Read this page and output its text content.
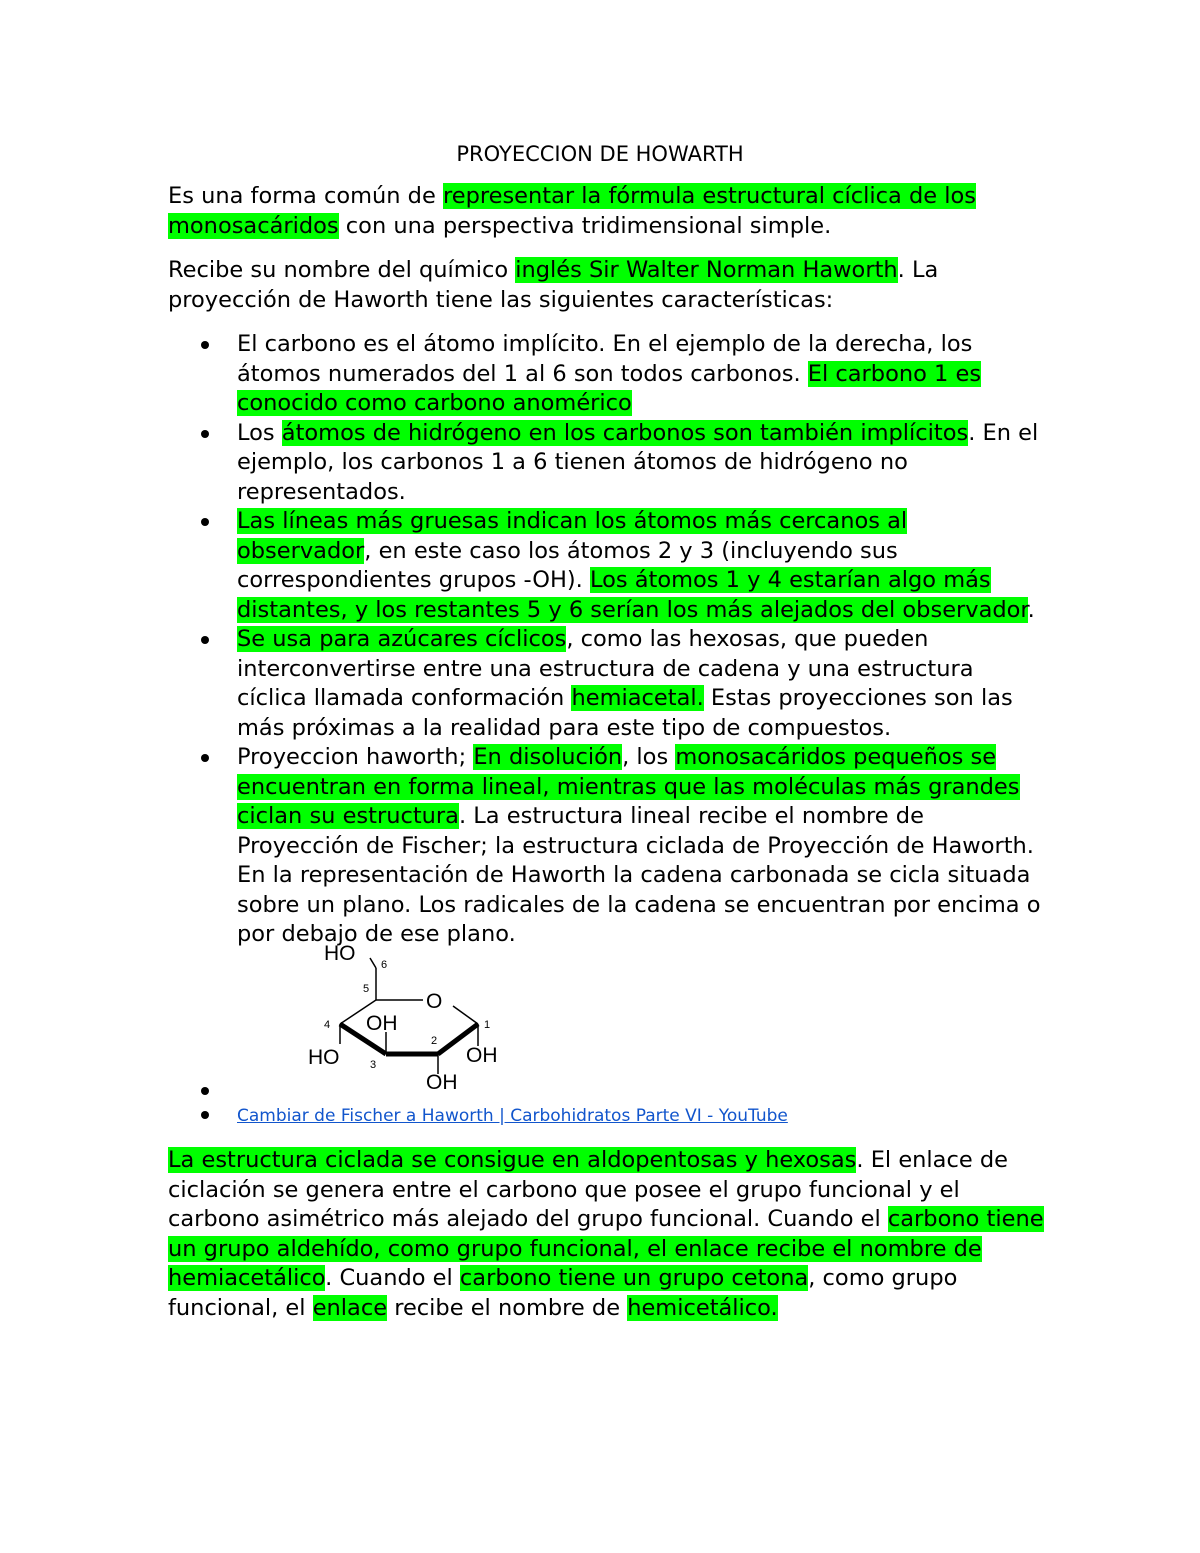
PROYECCION DE HOWARTH

Es una forma común de representar la fórmula estructural cíclica de los monosacáridos con una perspectiva tridimensional simple.

Recibe su nombre del químico inglés Sir Walter Norman Haworth. La proyección de Haworth tiene las siguientes características:

El carbono es el átomo implícito. En el ejemplo de la derecha, los átomos numerados del 1 al 6 son todos carbonos. El carbono 1 es conocido como carbono anomérico
Los átomos de hidrógeno en los carbonos son también implícitos. En el ejemplo, los carbonos 1 a 6 tienen átomos de hidrógeno no representados.
Las líneas más gruesas indican los átomos más cercanos al observador, en este caso los átomos 2 y 3 (incluyendo sus correspondientes grupos -OH). Los átomos 1 y 4 estarían algo más distantes, y los restantes 5 y 6 serían los más alejados del observador.
Se usa para azúcares cíclicos, como las hexosas, que pueden interconvertirse entre una estructura de cadena y una estructura cíclica llamada conformación hemiacetal. Estas proyecciones son las más próximas a la realidad para este tipo de compuestos.
Proyeccion haworth; En disolución, los monosacáridos pequeños se encuentran en forma lineal, mientras que las moléculas más grandes ciclan su estructura. La estructura lineal recibe el nombre de Proyección de Fischer; la estructura ciclada de Proyección de Haworth. En la representación de Haworth la cadena carbonada se cicla situada sobre un plano. Los radicales de la cadena se encuentran por encima o por debajo de ese plano.
HO 6
5
O
4 OH
2
1
HO	3	OH
OH
Cambiar de Fischer a Haworth | Carbohidratos Parte VI - YouTube

La estructura ciclada se consigue en aldopentosas y hexosas. El enlace de ciclación se genera entre el carbono que posee el grupo funcional y el carbono asimétrico más alejado del grupo funcional. Cuando el carbono tiene un grupo aldehído, como grupo funcional, el enlace recibe el nombre de hemiacetálico. Cuando el carbono tiene un grupo cetona, como grupo funcional, el enlace recibe el nombre de hemicetálico.
